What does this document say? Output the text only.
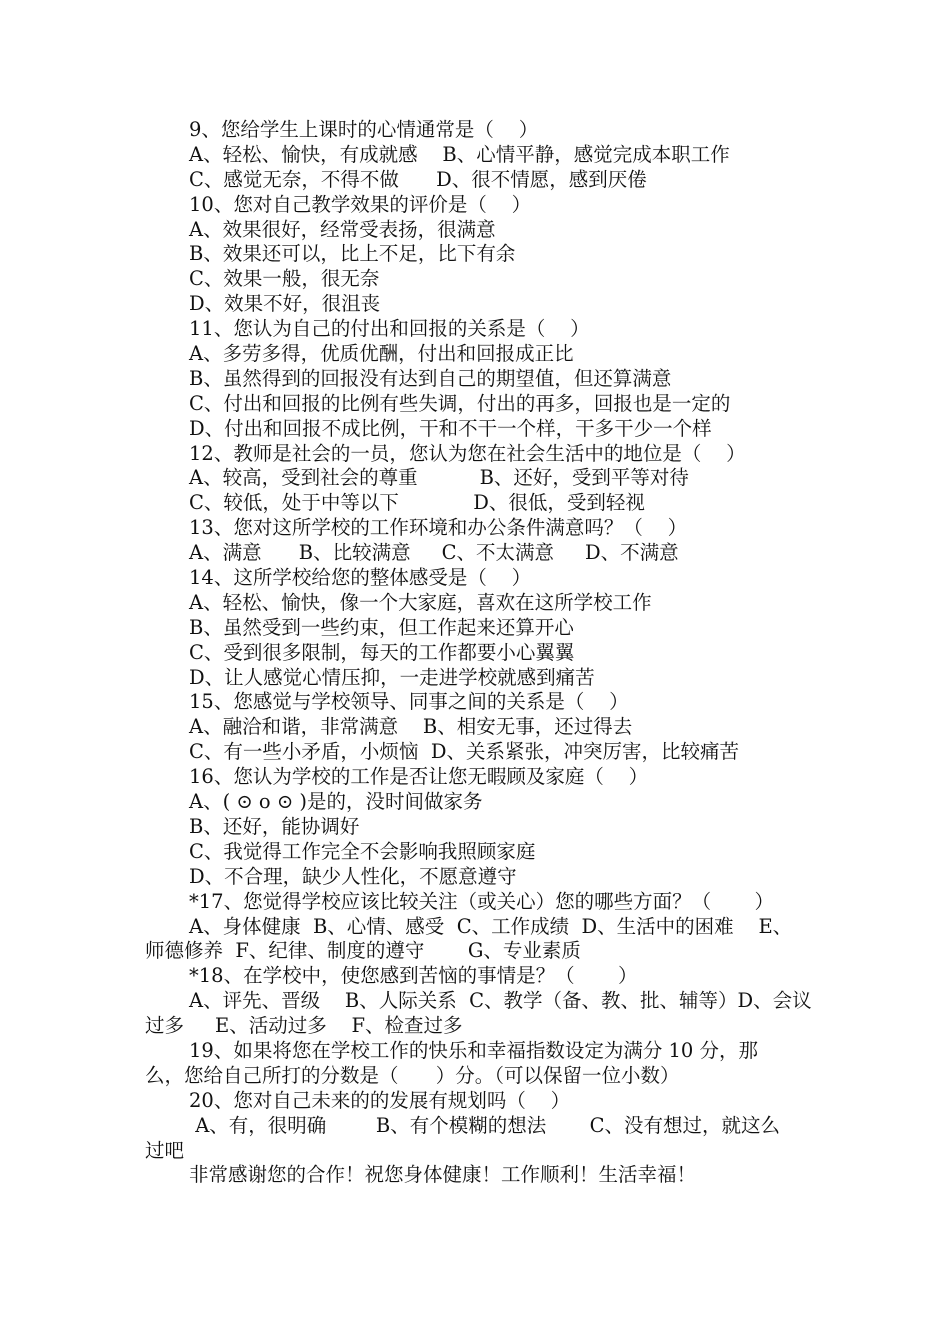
9、您给学生上课时的心情通常是（    ）
A、轻松、愉快，有成就感    B、心情平静，感觉完成本职工作
C、感觉无奈，不得不做      D、很不情愿，感到厌倦
10、您对自己教学效果的评价是（    ）
A、效果很好，经常受表扬，很满意
B、效果还可以，比上不足，比下有余
C、效果一般，很无奈
D、效果不好，很沮丧
11、您认为自己的付出和回报的关系是（    ）
A、多劳多得，优质优酬，付出和回报成正比
B、虽然得到的回报没有达到自己的期望值，但还算满意
C、付出和回报的比例有些失调，付出的再多，回报也是一定的
D、付出和回报不成比例，干和不干一个样，干多干少一个样
12、教师是社会的一员，您认为您在社会生活中的地位是（    ）
A、较高，受到社会的尊重          B、还好，受到平等对待
C、较低，处于中等以下            D、很低，受到轻视
13、您对这所学校的工作环境和办公条件满意吗？（    ）
A、满意      B、比较满意     C、不太满意     D、不满意
14、这所学校给您的整体感受是（    ）
A、轻松、愉快，像一个大家庭，喜欢在这所学校工作
B、虽然受到一些约束，但工作起来还算开心
C、受到很多限制，每天的工作都要小心翼翼
D、让人感觉心情压抑，一走进学校就感到痛苦
15、您感觉与学校领导、同事之间的关系是（    ）
A、融洽和谐，非常满意    B、相安无事，还过得去
C、有一些小矛盾，小烦恼  D、关系紧张，冲突厉害，比较痛苦
16、您认为学校的工作是否让您无暇顾及家庭（    ）
A、( ⊙ o ⊙ )是的，没时间做家务
B、还好，能协调好
C、我觉得工作完全不会影响我照顾家庭
D、不合理，缺少人性化，不愿意遵守
*17、您觉得学校应该比较关注（或关心）您的哪些方面？（       ）
A、身体健康  B、心情、感受  C、工作成绩  D、生活中的困难    E、
师德修养  F、纪律、制度的遵守       G、专业素质
*18、在学校中，使您感到苦恼的事情是？（       ）
A、评先、晋级    B、人际关系  C、教学（备、教、批、辅等）D、会议
过多     E、活动过多    F、检查过多
19、如果将您在学校工作的快乐和幸福指数设定为满分 10 分，那
么，您给自己所打的分数是（      ）分。（可以保留一位小数）
20、您对自己未来的的发展有规划吗（    ）
A、有，很明确        B、有个模糊的想法       C、没有想过，就这么
过吧
非常感谢您的合作！祝您身体健康！工作顺利！生活幸福！
